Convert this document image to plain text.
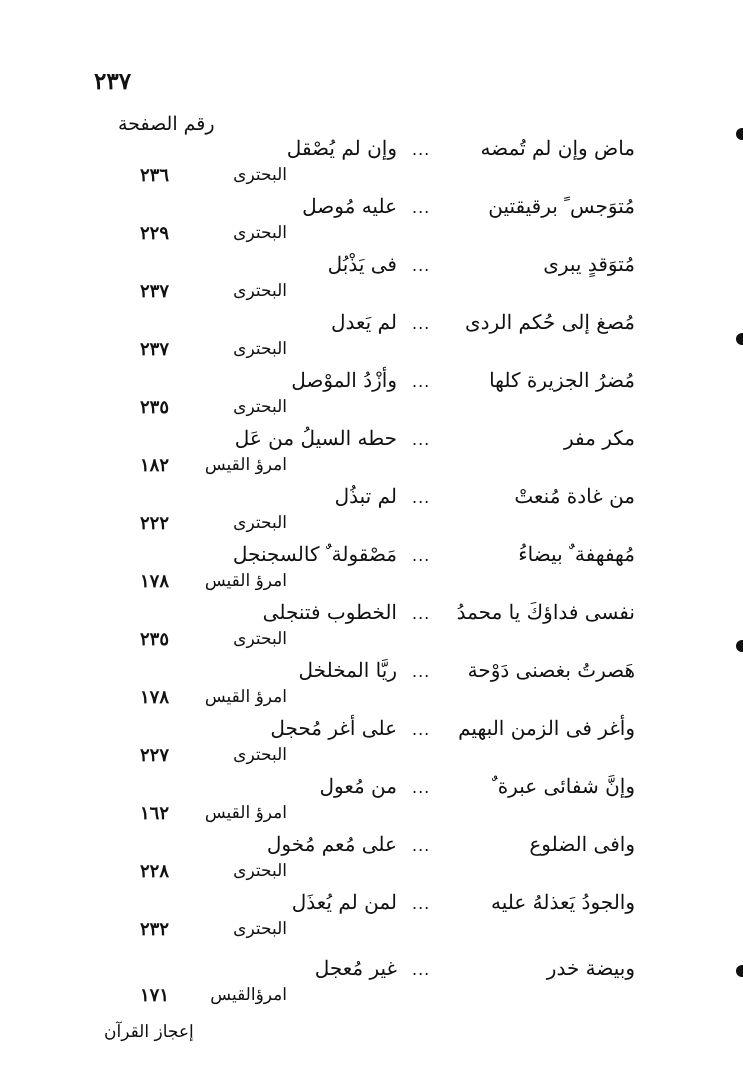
٢٣٧
رقم الصفحة
ماض وإن لم تُمضه
...
وإن لم يُصْقل
البحترى
٢٣٦
مُتوَجس ً برقيقتين
...
عليه مُوصل
البحترى
٢٢٩
مُتوَقدٍ يبرى
...
فى يَذْبُل
البحترى
٢٣٧
مُصغ إلى حُكم الردى
...
لم يَعدل
البحترى
٢٣٧
مُضرُ الجزيرة كلها
...
وأزْدُ الموْصل
البحترى
٢٣٥
مكر مفر
...
حطه السيلُ من عَل
امرؤ القيس
١٨٢
من غادة مُنعتْ
...
لم تبذُل
البحترى
٢٢٢
مُهفهفة ٌ بيضاءُ
...
مَصْقولة ٌ كالسجنجل
امرؤ القيس
١٧٨
نفسى فداؤكَ يا محمدُ
...
الخطوب فتنجلى
البحترى
٢٣٥
هَصرتُ بغصنى دَوْحة
...
ريَّا المخلخل
امرؤ القيس
١٧٨
وأغر فى الزمن البهيم
...
على أغر مُحجل
البحترى
٢٢٧
وإنَّ شفائى عبرة ٌ
...
من مُعول
امرؤ القيس
١٦٢
وافى الضلوع
...
على مُعم مُخول
البحترى
٢٢٨
والجودُ يَعذلهُ عليه
...
لمن لم يُعذَل
البحترى
٢٣٢
وبيضة خدر
...
غير مُعجل
امرؤالقيس
١٧١
إعجاز القرآن
